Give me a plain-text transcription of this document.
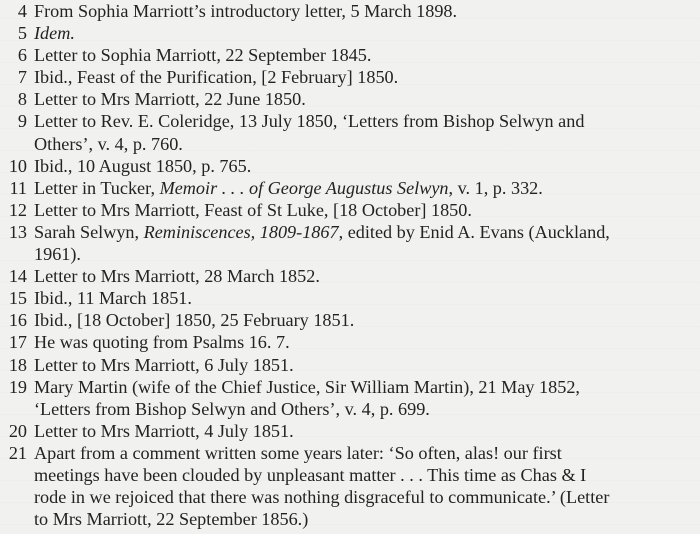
4 From Sophia Marriott’s introductory letter, 5 March 1898.
5 Idem.
6 Letter to Sophia Marriott, 22 September 1845.
7 Ibid., Feast of the Purification, [2 February] 1850.
8 Letter to Mrs Marriott, 22 June 1850.
9 Letter to Rev. E. Coleridge, 13 July 1850, ‘Letters from Bishop Selwyn and
Others’, v. 4, p. 760.
10 Ibid., 10 August 1850, p. 765.
11 Letter in Tucker, Memoir . . . of George Augustus Selwyn, v. 1, p. 332.
12 Letter to Mrs Marriott, Feast of St Luke, [18 October] 1850.
13 Sarah Selwyn, Reminiscences, 1809-1867, edited by Enid A. Evans (Auckland,
1961).
14 Letter to Mrs Marriott, 28 March 1852.
15 Ibid., 11 March 1851.
16 Ibid., [18 October] 1850, 25 February 1851.
17 He was quoting from Psalms 16. 7.
18 Letter to Mrs Marriott, 6 July 1851.
19 Mary Martin (wife of the Chief Justice, Sir William Martin), 21 May 1852,
‘Letters from Bishop Selwyn and Others’, v. 4, p. 699.
20 Letter to Mrs Marriott, 4 July 1851.
21 Apart from a comment written some years later: ‘So often, alas! our first
meetings have been clouded by unpleasant matter . . . This time as Chas & I
rode in we rejoiced that there was nothing disgraceful to communicate.’ (Letter
to Mrs Marriott, 22 September 1856.)
